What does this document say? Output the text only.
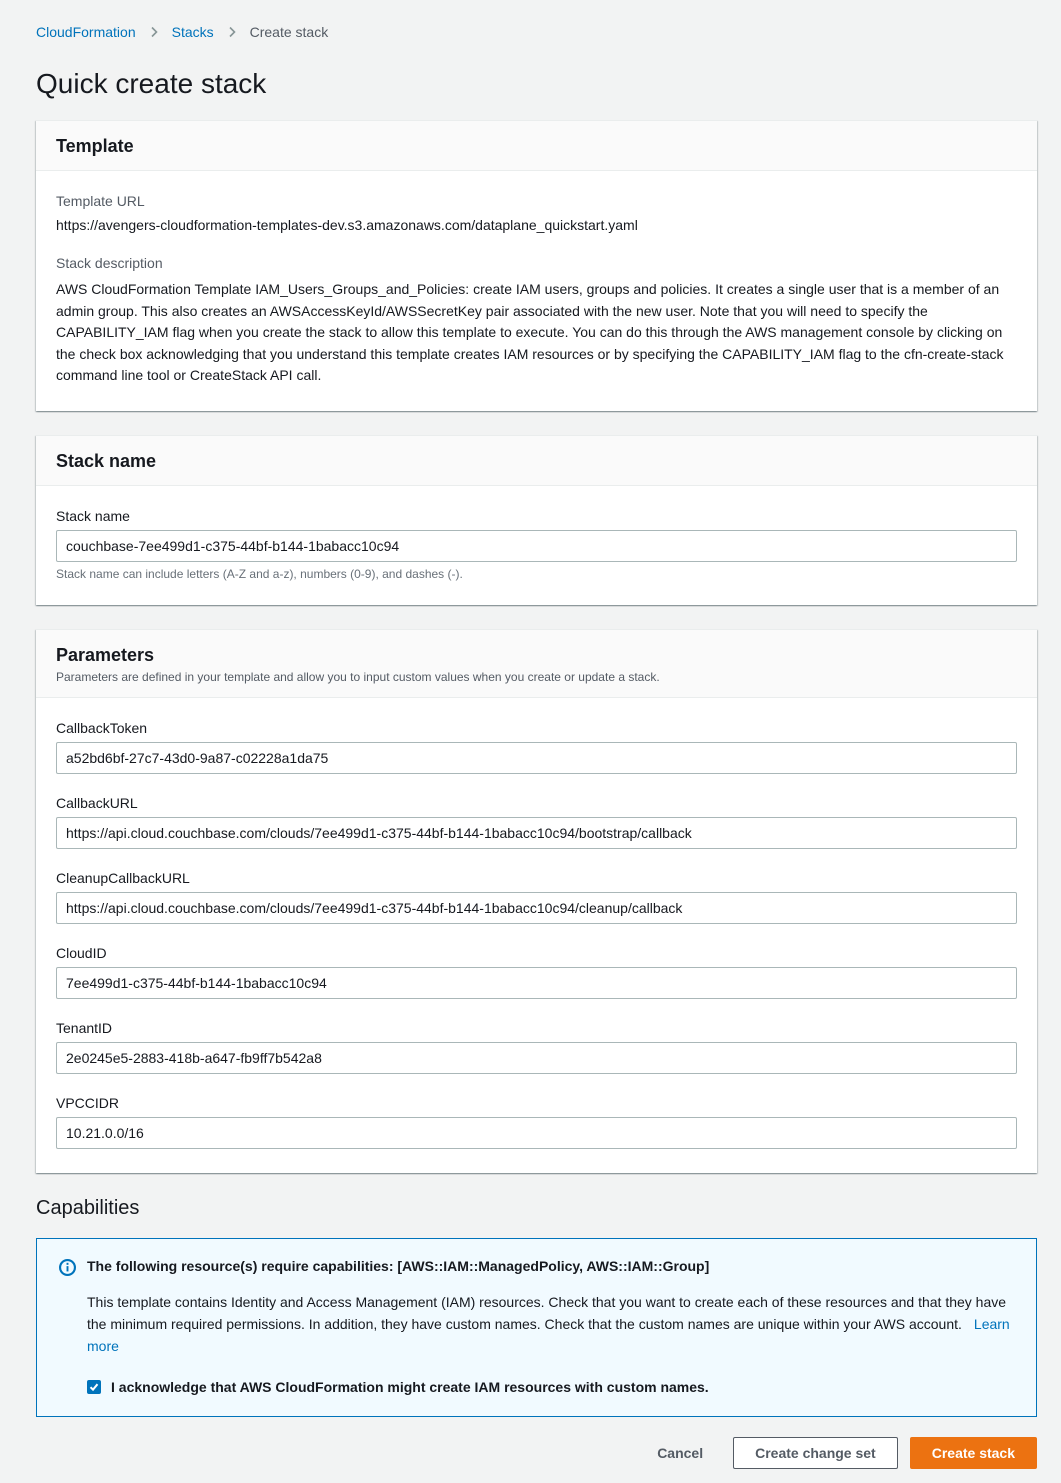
CloudFormation	Stacks	Create stack
Quick create stack
Template
Template URL
https://avengers-cloudformation-templates-dev.s3.amazonaws.com/dataplane_quickstart.yaml
Stack description

AWS CloudFormation Template IAM_Users_Groups_and_Policies: create IAM users, groups and policies. It creates a single user that is a member of an admin group. This also creates an AWSAccessKeyId/AWSSecretKey pair associated with the new user. Note that you will need to specify the CAPABILITY_IAM flag when you create the stack to allow this template to execute. You can do this through the AWS management console by clicking on the check box acknowledging that you understand this template creates IAM resources or by specifying the CAPABILITY_IAM flag to the cfn-create-stack command line tool or CreateStack API call.

Stack name
Stack name
couchbase-7ee499d1-c375-44bf-b144-1babacc10c94
Stack name can include letters (A-Z and a-z), numbers (0-9), and dashes (-).
Parameters

Parameters are defined in your template and allow you to input custom values when you create or update a stack.

CallbackToken
a52bd6bf-27c7-43d0-9a87-c02228a1da75
CallbackURL
https://api.cloud.couchbase.com/clouds/7ee499d1-c375-44bf-b144-1babacc10c94/bootstrap/callback
CleanupCallbackURL
https://api.cloud.couchbase.com/clouds/7ee499d1-c375-44bf-b144-1babacc10c94/cleanup/callback
CloudID
7ee499d1-c375-44bf-b144-1babacc10c94
TenantID
2e0245e5-2883-418b-a647-fb9ff7b542a8
VPCCIDR
10.21.0.0/16
Capabilities

The following resource(s) require capabilities: [AWS::IAM::ManagedPolicy, AWS::IAM::Group]

This template contains Identity and Access Management (IAM) resources. Check that you want to create each of these resources and that they have the minimum required permissions. In addition, they have custom names. Check that the custom names are unique within your AWS account. Learn more

I acknowledge that AWS CloudFormation might create IAM resources with custom names.
Cancel	Create change set	Create stack
